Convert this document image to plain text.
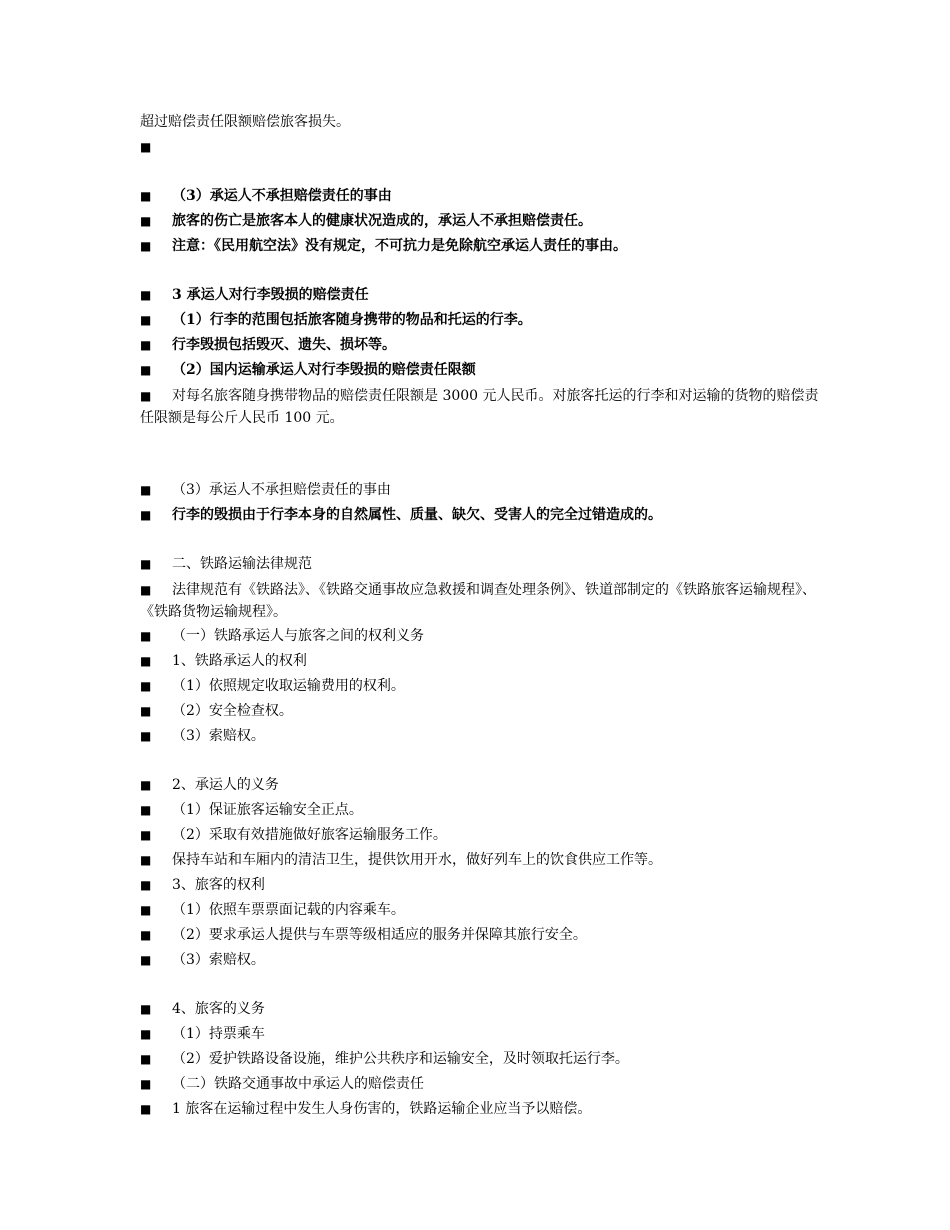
超过赔偿责任限额赔偿旅客损失。
■
■ （3）承运人不承担赔偿责任的事由
■ 旅客的伤亡是旅客本人的健康状况造成的，承运人不承担赔偿责任。
■ 注意：《民用航空法》没有规定，不可抗力是免除航空承运人责任的事由。
■ 3 承运人对行李毁损的赔偿责任
■ （1）行李的范围包括旅客随身携带的物品和托运的行李。
■ 行李毁损包括毁灭、遗失、损坏等。
■ （2）国内运输承运人对行李毁损的赔偿责任限额
■ 对每名旅客随身携带物品的赔偿责任限额是 3000 元人民币。对旅客托运的行李和对运输的货物的赔偿责任限额是每公斤人民币 100 元。
■ （3）承运人不承担赔偿责任的事由
■ 行李的毁损由于行李本身的自然属性、质量、缺欠、受害人的完全过错造成的。
■ 二、铁路运输法律规范
■ 法律规范有《铁路法》、《铁路交通事故应急救援和调查处理条例》、铁道部制定的《铁路旅客运输规程》、《铁路货物运输规程》。
■ （一）铁路承运人与旅客之间的权利义务
■ 1、铁路承运人的权利
■ （1）依照规定收取运输费用的权利。
■ （2）安全检查权。
■ （3）索赔权。
■ 2、承运人的义务
■ （1）保证旅客运输安全正点。
■ （2）采取有效措施做好旅客运输服务工作。
■ 保持车站和车厢内的清洁卫生，提供饮用开水，做好列车上的饮食供应工作等。
■ 3、旅客的权利
■ （1）依照车票票面记载的内容乘车。
■ （2）要求承运人提供与车票等级相适应的服务并保障其旅行安全。
■ （3）索赔权。
■ 4、旅客的义务
■ （1）持票乘车
■ （2）爱护铁路设备设施，维护公共秩序和运输安全，及时领取托运行李。
■ （二）铁路交通事故中承运人的赔偿责任
■ 1 旅客在运输过程中发生人身伤害的，铁路运输企业应当予以赔偿。
